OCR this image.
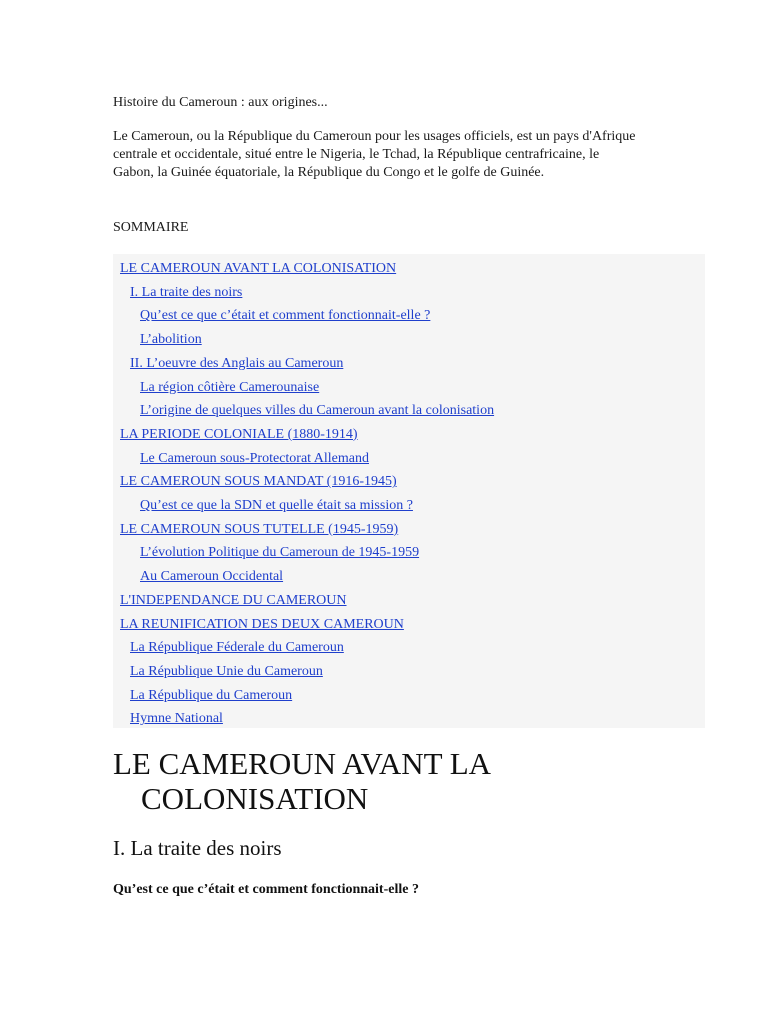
Histoire du Cameroun : aux origines...

Le Cameroun, ou la République du Cameroun pour les usages officiels, est un pays d'Afrique centrale et occidentale, situé entre le Nigeria, le Tchad, la République centrafricaine, le Gabon, la Guinée équatoriale, la République du Congo et le golfe de Guinée.

SOMMAIRE

LE CAMEROUN AVANT LA COLONISATION
I. La traite des noirs
Qu’est ce que c’était et comment fonctionnait-elle ?
L’abolition
II. L’oeuvre des Anglais au Cameroun
La région côtière Camerounaise
L’origine de quelques villes du Cameroun avant la colonisation
LA PERIODE COLONIALE (1880-1914)
Le Cameroun sous-Protectorat Allemand
LE CAMEROUN SOUS MANDAT (1916-1945)
Qu’est ce que la SDN et quelle était sa mission ?
LE CAMEROUN SOUS TUTELLE (1945-1959)
L’évolution Politique du Cameroun de 1945-1959
Au Cameroun Occidental
L'INDEPENDANCE DU CAMEROUN
LA REUNIFICATION DES DEUX CAMEROUN
La République Féderale du Cameroun
La République Unie du Cameroun
La République du Cameroun
Hymne National
LE CAMEROUN AVANT LA COLONISATION
I. La traite des noirs
Qu’est ce que c’était et comment fonctionnait-elle ?
